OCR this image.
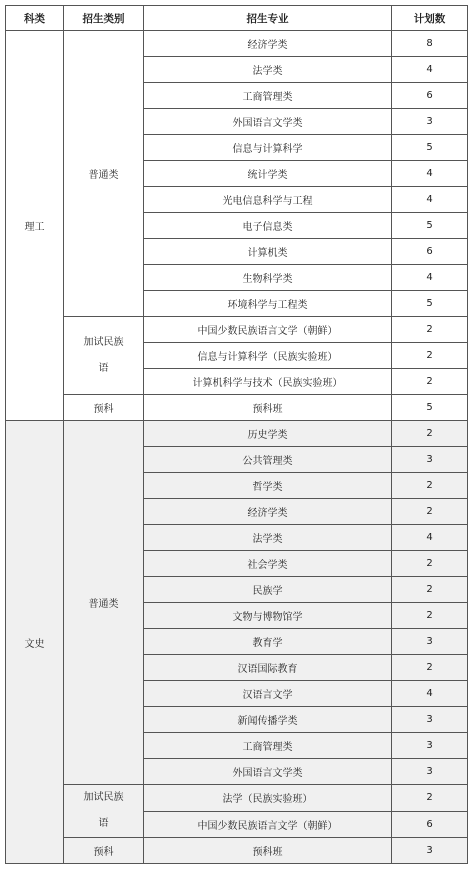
科类	招生类别	招生专业	计划数
理工	普通类	经济学类	8
		法学类	4
		工商管理类	6
		外国语言文学类	3
		信息与计算科学	5
		统计学类	4
		光电信息科学与工程	4
		电子信息类	5
		计算机类	6
		生物科学类	4
		环境科学与工程类	5
	加试民族语	中国少数民族语言文学（朝鲜）	2
		信息与计算科学（民族实验班）	2
		计算机科学与技术（民族实验班）	2
	预科	预科班	5
文史	普通类	历史学类	2
		公共管理类	3
		哲学类	2
		经济学类	2
		法学类	4
		社会学类	2
		民族学	2
		文物与博物馆学	2
		教育学	3
		汉语国际教育	2
		汉语言文学	4
		新闻传播学类	3
		工商管理类	3
		外国语言文学类	3
	加试民族语	法学（民族实验班）	2
		中国少数民族语言文学（朝鲜）	6
	预科	预科班	3
